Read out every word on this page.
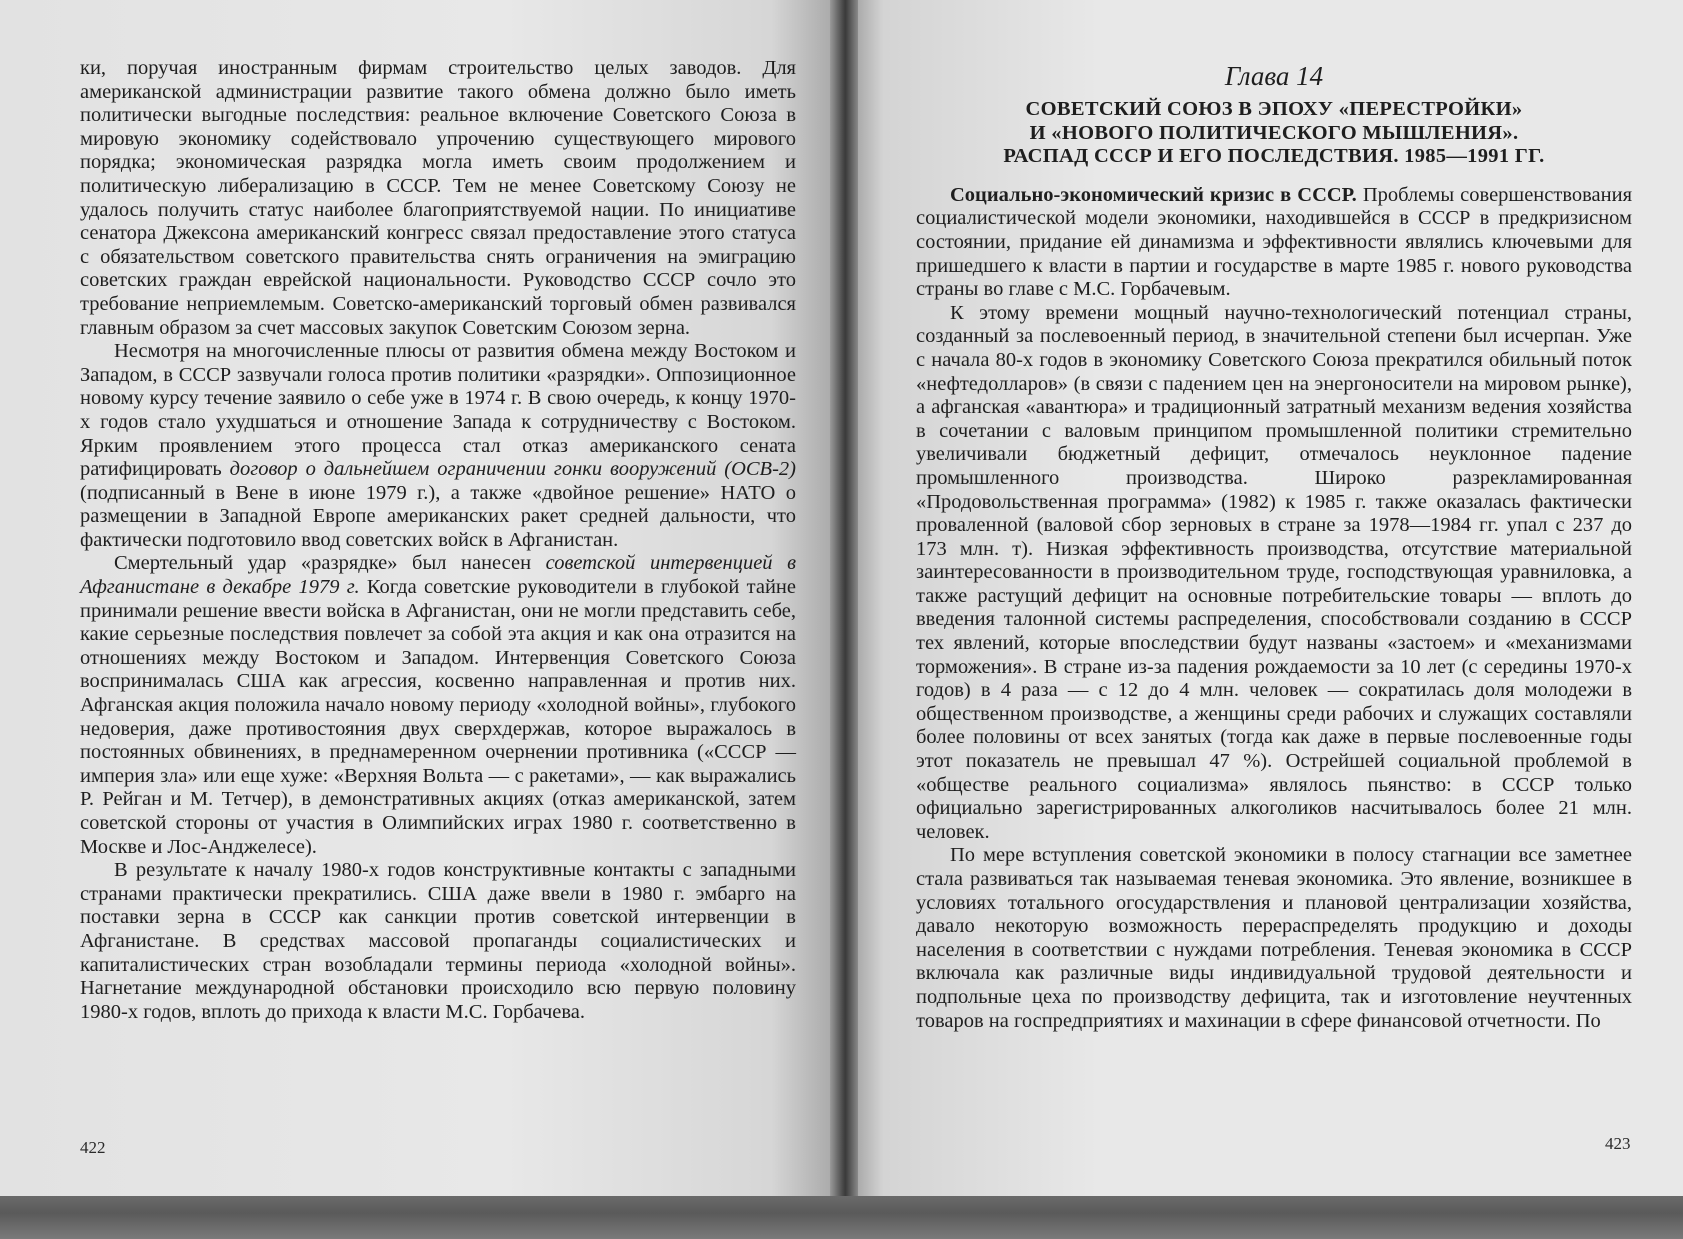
ки, поручая иностранным фирмам строительство целых заводов. Для американской администрации развитие такого обмена должно было иметь политически выгодные последствия: реальное включение Советского Союза в мировую экономику содействовало упрочению существующего мирового порядка; экономическая разрядка могла иметь своим продолжением и политическую либерализацию в СССР. Тем не менее Советскому Союзу не удалось получить статус наиболее благоприятствуемой нации. По инициативе сенатора Джексона американский конгресс связал предоставление этого статуса с обязательством советского правительства снять ограничения на эмиграцию советских граждан еврейской национальности. Руководство СССР сочло это требование неприемлемым. Советско-американский торговый обмен развивался главным образом за счет массовых закупок Советским Союзом зерна.

Несмотря на многочисленные плюсы от развития обмена между Востоком и Западом, в СССР зазвучали голоса против политики «разрядки». Оппозиционное новому курсу течение заявило о себе уже в 1974 г. В свою очередь, к концу 1970-х годов стало ухудшаться и отношение Запада к сотрудничеству с Востоком. Ярким проявлением этого процесса стал отказ американского сената ратифицировать договор о дальнейшем ограничении гонки вооружений (ОСВ-2) (подписанный в Вене в июне 1979 г.), а также «двойное решение» НАТО о размещении в Западной Европе американских ракет средней дальности, что фактически подготовило ввод советских войск в Афганистан.

Смертельный удар «разрядке» был нанесен советской интервенцией в Афганистане в декабре 1979 г. Когда советские руководители в глубокой тайне принимали решение ввести войска в Афганистан, они не могли представить себе, какие серьезные последствия повлечет за собой эта акция и как она отразится на отношениях между Востоком и Западом. Интервенция Советского Союза воспринималась США как агрессия, косвенно направленная и против них. Афганская акция положила начало новому периоду «холодной войны», глубокого недоверия, даже противостояния двух сверхдержав, которое выражалось в постоянных обвинениях, в преднамеренном очернении противника («СССР — империя зла» или еще хуже: «Верхняя Вольта — с ракетами», — как выражались Р. Рейган и М. Тетчер), в демонстративных акциях (отказ американской, затем советской стороны от участия в Олимпийских играх 1980 г. соответственно в Москве и Лос-Анджелесе).

В результате к началу 1980-х годов конструктивные контакты с западными странами практически прекратились. США даже ввели в 1980 г. эмбарго на поставки зерна в СССР как санкции против советской интервенции в Афганистане. В средствах массовой пропаганды социалистических и капиталистических стран возобладали термины периода «холодной войны». Нагнетание международной обстановки происходило всю первую половину 1980-х годов, вплоть до прихода к власти М.С. Горбачева.

422
Глава 14
СОВЕТСКИЙ СОЮЗ В ЭПОХУ «ПЕРЕСТРОЙКИ»
И «НОВОГО ПОЛИТИЧЕСКОГО МЫШЛЕНИЯ».
РАСПАД СССР И ЕГО ПОСЛЕДСТВИЯ. 1985—1991 ГГ.

Социально-экономический кризис в СССР. Проблемы совершенствования социалистической модели экономики, находившейся в СССР в предкризисном состоянии, придание ей динамизма и эффективности являлись ключевыми для пришедшего к власти в партии и государстве в марте 1985 г. нового руководства страны во главе с М.С. Горбачевым.

К этому времени мощный научно-технологический потенциал страны, созданный за послевоенный период, в значительной степени был исчерпан. Уже с начала 80-х годов в экономику Советского Союза прекратился обильный поток «нефтедолларов» (в связи с падением цен на энергоносители на мировом рынке), а афганская «авантюра» и традиционный затратный механизм ведения хозяйства в сочетании с валовым принципом промышленной политики стремительно увеличивали бюджетный дефицит, отмечалось неуклонное падение промышленного производства. Широко разрекламированная «Продовольственная программа» (1982) к 1985 г. также оказалась фактически проваленной (валовой сбор зерновых в стране за 1978—1984 гг. упал с 237 до 173 млн. т). Низкая эффективность производства, отсутствие материальной заинтересованности в производительном труде, господствующая уравниловка, а также растущий дефицит на основные потребительские товары — вплоть до введения талонной системы распределения, способствовали созданию в СССР тех явлений, которые впоследствии будут названы «застоем» и «механизмами торможения». В стране из-за падения рождаемости за 10 лет (с середины 1970-х годов) в 4 раза — с 12 до 4 млн. человек — сократилась доля молодежи в общественном производстве, а женщины среди рабочих и служащих составляли более половины от всех занятых (тогда как даже в первые послевоенные годы этот показатель не превышал 47 %). Острейшей социальной проблемой в «обществе реального социализма» являлось пьянство: в СССР только официально зарегистрированных алкоголиков насчитывалось более 21 млн. человек.

По мере вступления советской экономики в полосу стагнации все заметнее стала развиваться так называемая теневая экономика. Это явление, возникшее в условиях тотального огосударствления и плановой централизации хозяйства, давало некоторую возможность перераспределять продукцию и доходы населения в соответствии с нуждами потребления. Теневая экономика в СССР включала как различные виды индивидуальной трудовой деятельности и подпольные цеха по производству дефицита, так и изготовление неучтенных товаров на госпредприятиях и махинации в сфере финансовой отчетности. По

423
